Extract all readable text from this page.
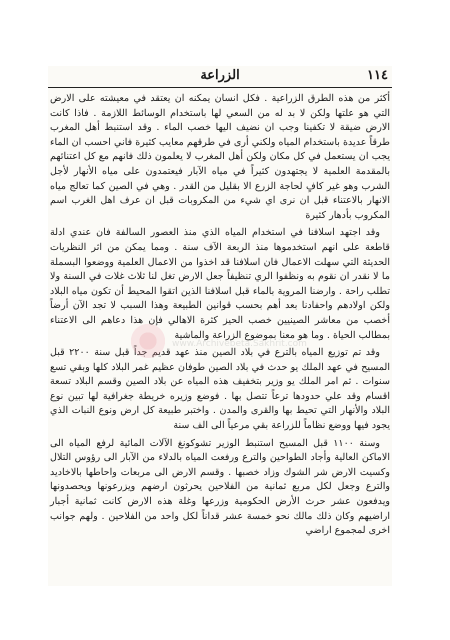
١١٤
الزراعة

أكثر من هذه الطرق الزراعية . فكل انسان يمكنه ان يعتقد في معيشته على الارض التي هو علتها ولكن لا بد له من السعي لها باستخدام الوسائط اللازمة . فاذا كانت الارض ضيقة لا تكفينا وجب ان نضيف اليها خصب الماء . وقد استنبط أهل المغرب طرقاً عديدة باستخدام المياه ولكني أرى في طرقهم معايب كثيرة فاني احسب ان الماء يجب ان يستعمل في كل مكان ولكن أهل المغرب لا يعلمون ذلك فانهم مع كل اعتنائهم بالمقدمة العلمية لا يجتهدون كثيراً في مياه الآبار فيعتمدون على مياه الأنهار لأجل الشرب وهو غير كافٍ لحاجة الزرع الا بقليل من القدر . وهي في الصين كما تعالج مياه الانهار بالاعتناء قبل ان نرى اي شيء من المكروبات قبل ان عرف اهل الغرب اسم المكروب بأدهار كثيرة

وقد اجتهد اسلافنا في استخدام المياه الذي منذ العصور السالفة فان عندي ادلة قاطعة على انهم استخدموها منذ الربعة الآف سنة . ومما يمكن من اثر النظريات الحديثة التي سهلت الاعمال فان اسلافنا قد اخذوا من الاعمال العلمية ووضعوا البسملة ما لا نقدر ان نقوم به ونظفوا الري تنظيفاً جعل الارض تغل لنا ثلاث غلات في السنة ولا تطلب راحة . وارضنا المروية بالماء قبل اسلافنا الذين اتقوا المحيط أن تكون مياه البلاد ولكن اولادهم واحفادنا بعد أهم بحسب قوانين الطبيعة وهذا السبب لا تجد الآن أرضاً أخصب من معاشر الصينيين خصب الحيز كثرة الاهالي فإن هذا دعاهم الى الاعتناء بمطالب الحياة . وما هو معنا بموضوع الزراعة والماشية

وقد تم توزيع المياه بالترع في بلاد الصين منذ عهد قديم جداً قبل سنة ٢٢٠٠ قبل المسيح في عهد الملك يو حدث في بلاد الصين طوفان عظيم غمر البلاد كلها وبقي تسع سنوات . ثم امر الملك يو وزير بتخفيف هذه المياه عن بلاد الصين وقسم البلاد تسعة اقسام وقد علي حدودها ترعاً تتصل بها . فوضع وزيره خريطة جغرافية لها تبين نوع البلاد والأنهار التي تحيط بها والقرى والمدن . واختبر طبيعة كل ارض ونوع النبات الذي يجود فيها ووضع نظاماً للزراعة بقي مرعياً الى الف سنة

وسنة ١١٠٠ قبل المسيح استنبط الوزير تشوكونغ الآلات المائية لرفع المياه الى الاماكن العالية وأجاد الطواحين والترع ورفعت المياه بالدلاء من الآبار الى رؤوس التلال وكسيت الارض شر الشوك وزاد خصبها . وقسم الارض الى مربعات واحاطها بالاخاديد والترع وجعل لكل مربع ثمانية من الفلاحين يحرثون ارضهم ويزرعونها ويحصدونها ويدفعون عشر حرث الأرض الحكومية وزرعها وغلة هذه الارض كانت ثمانية أجبار اراضيهم وكان ذلك مالك نحو خمسة عشر قداناً لكل واحد من الفلاحين . ولهم جوانب اخرى لمجموع اراضي

www.Archivebeta.Sakhrit.com
